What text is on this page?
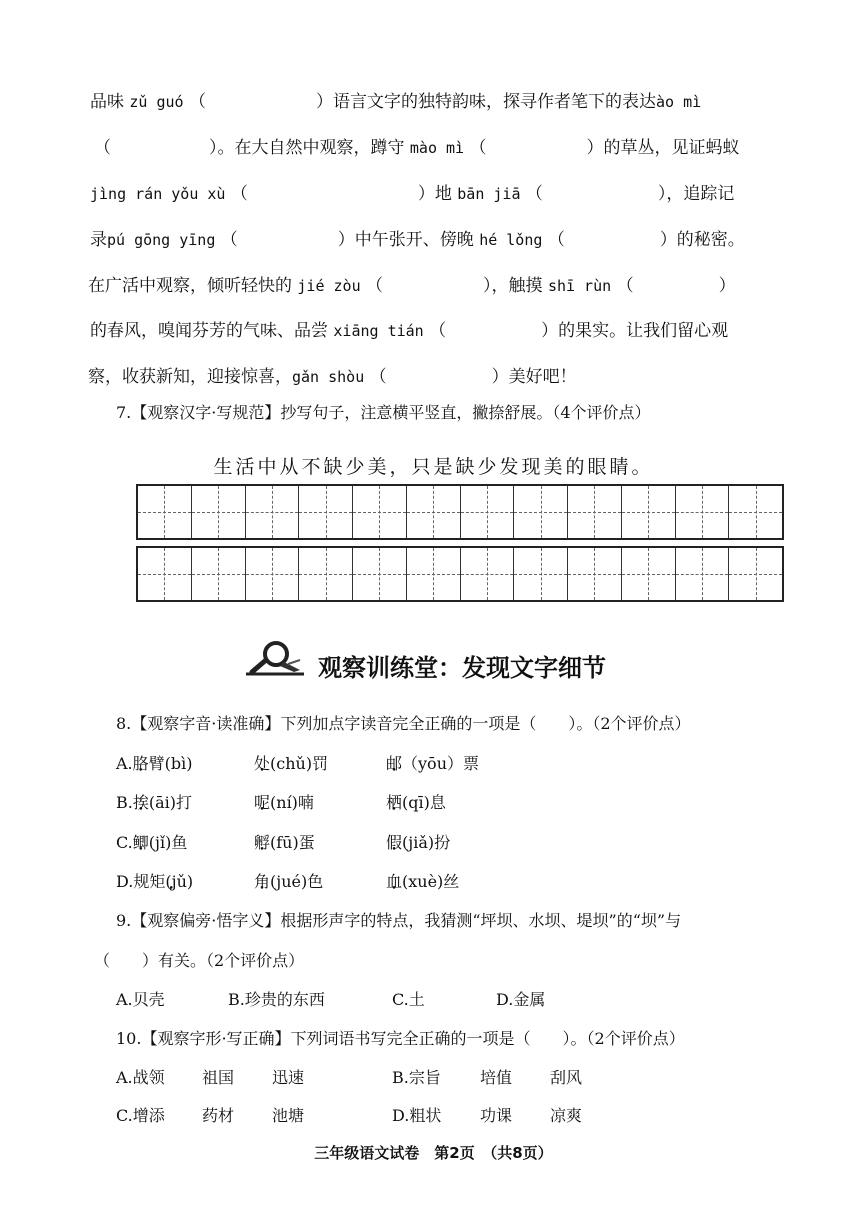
品味 zǔ guó （	）语言文字的独特韵味，探寻作者笔下的表达ào mì
（	）。在大自然中观察，蹲守 mào mì （	）的草丛，见证蚂蚁
jìng rán yǒu xù （	）地 bān jiā （	），追踪记
录pú gōng yīng （	）中午张开、傍晚 hé lǒng （	）的秘密。
在广活中观察，倾听轻快的 jié zòu （	），触摸 shī rùn （	）
的春风，嗅闻芬芳的气味、品尝 xiāng tián （	）的果实。让我们留心观
察，收获新知，迎接惊喜，gǎn shòu （	）美好吧！
7.【观察汉字·写规范】抄写句子，注意横平竖直，撇捺舒展。（4个评价点）
生活中从不缺少美，只是缺少发现美的眼睛。
观察训练堂：发现文字细节
8.【观察字音·读准确】下列加点字读音完全正确的一项是（　　）。（2个评价点）
A.胳臂(bì)	处(chǔ)罚	邮（yōu）票
B.挨(āi)打	呢(ní)喃	栖(qī)息
C.鲫(jǐ)鱼	孵(fū)蛋	假(jiǎ)扮
D.规矩(jǔ) •	角(jué)色	血(xuè)丝
9.【观察偏旁·悟字义】根据形声字的特点，我猜测“坪坝、水坝、堤坝”的“坝”与
（　　）有关。（2个评价点）
A.贝壳	B.珍贵的东西	C.土	D.金属
10.【观察字形·写正确】下列词语书写完全正确的一项是（　　）。（2个评价点）
A.战领 祖国 迅速	B.宗旨 培值 刮风
C.增添 药材 池塘	D.粗状 功课 凉爽
三年级语文试卷　第2页　（共8页）
